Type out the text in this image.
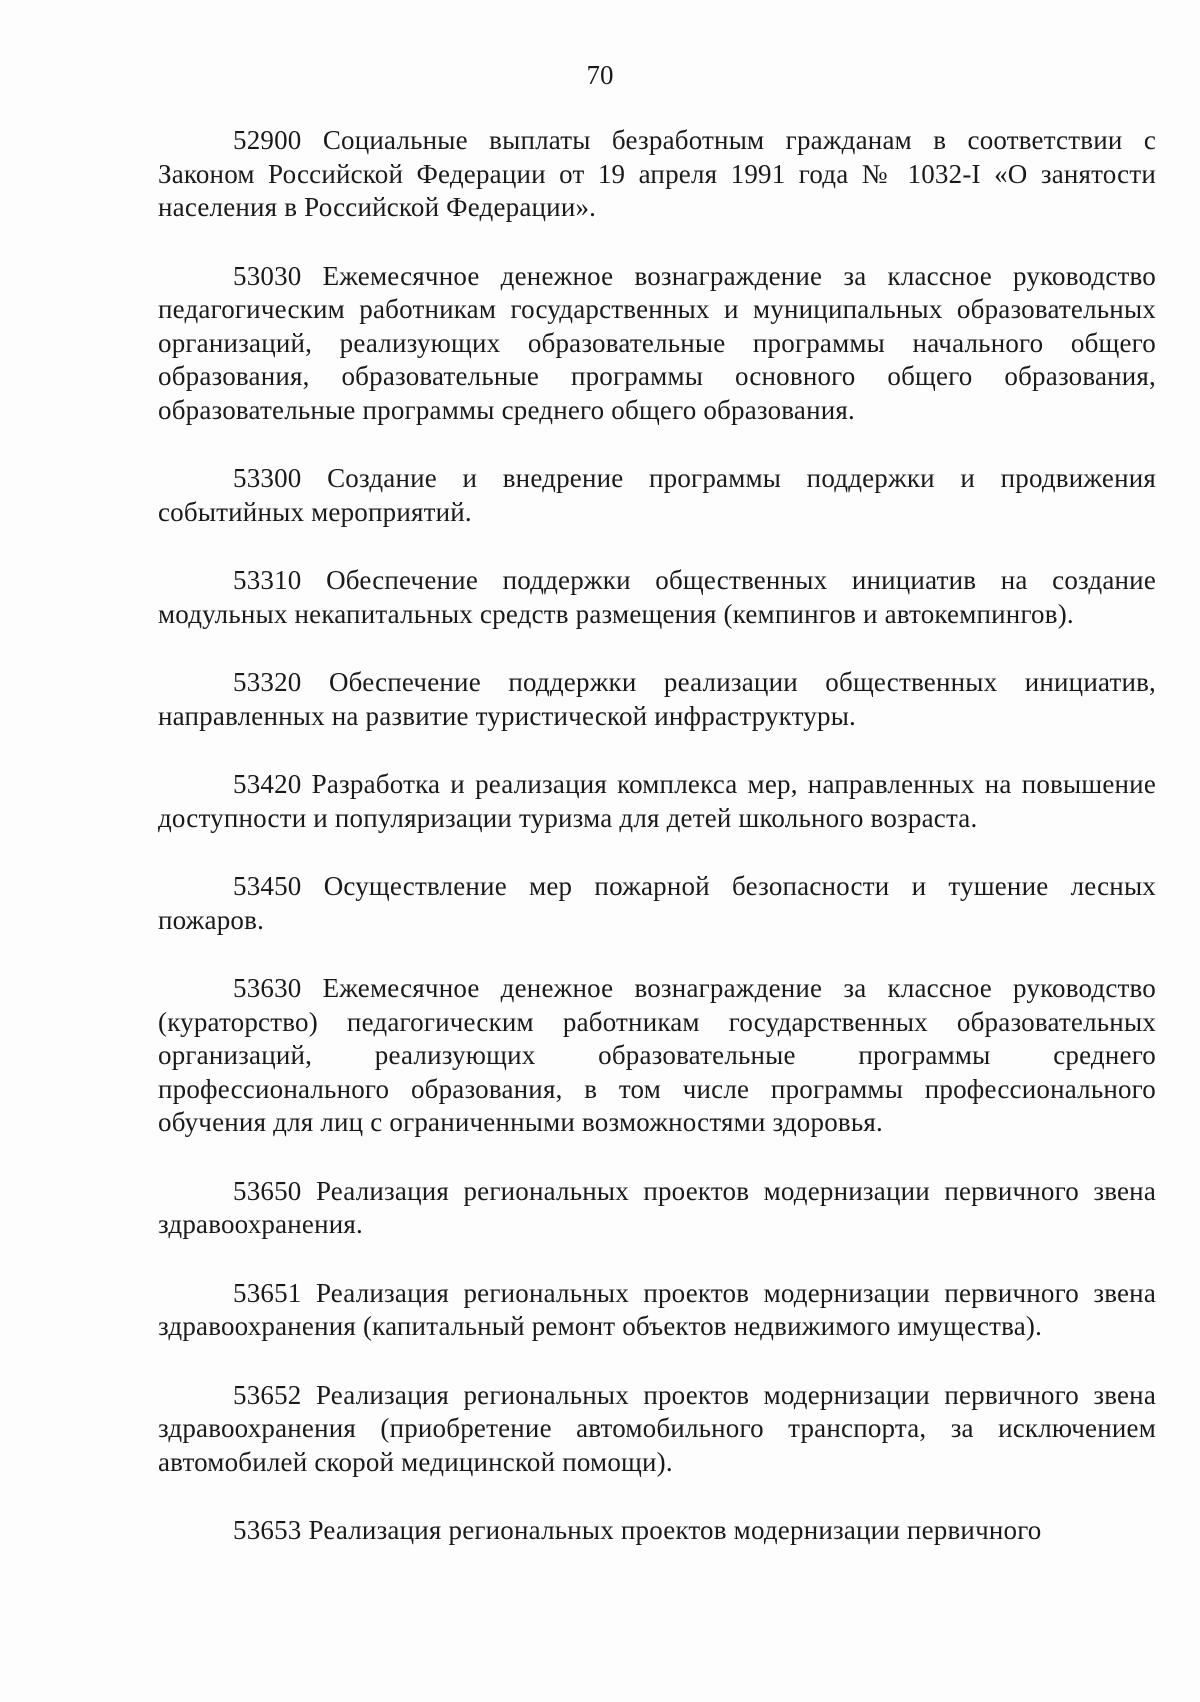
70

52900 Социальные выплаты безработным гражданам в соответствии с Законом Российской Федерации от 19 апреля 1991 года № 1032-I «О занятости населения в Российской Федерации».

53030 Ежемесячное денежное вознаграждение за классное руководство педагогическим работникам государственных и муниципальных образовательных организаций, реализующих образовательные программы начального общего образования, образовательные программы основного общего образования, образовательные программы среднего общего образования.

53300 Создание и внедрение программы поддержки и продвижения событийных мероприятий.

53310 Обеспечение поддержки общественных инициатив на создание модульных некапитальных средств размещения (кемпингов и автокемпингов).

53320 Обеспечение поддержки реализации общественных инициатив, направленных на развитие туристической инфраструктуры.

53420 Разработка и реализация комплекса мер, направленных на повышение доступности и популяризации туризма для детей школьного возраста.

53450 Осуществление мер пожарной безопасности и тушение лесных пожаров.

53630 Ежемесячное денежное вознаграждение за классное руководство (кураторство) педагогическим работникам государственных образовательных организаций, реализующих образовательные программы среднего профессионального образования, в том числе программы профессионального обучения для лиц с ограниченными возможностями здоровья.

53650 Реализация региональных проектов модернизации первичного звена здравоохранения.

53651 Реализация региональных проектов модернизации первичного звена здравоохранения (капитальный ремонт объектов недвижимого имущества).

53652 Реализация региональных проектов модернизации первичного звена здравоохранения (приобретение автомобильного транспорта, за исключением автомобилей скорой медицинской помощи).

53653 Реализация региональных проектов модернизации первичного
